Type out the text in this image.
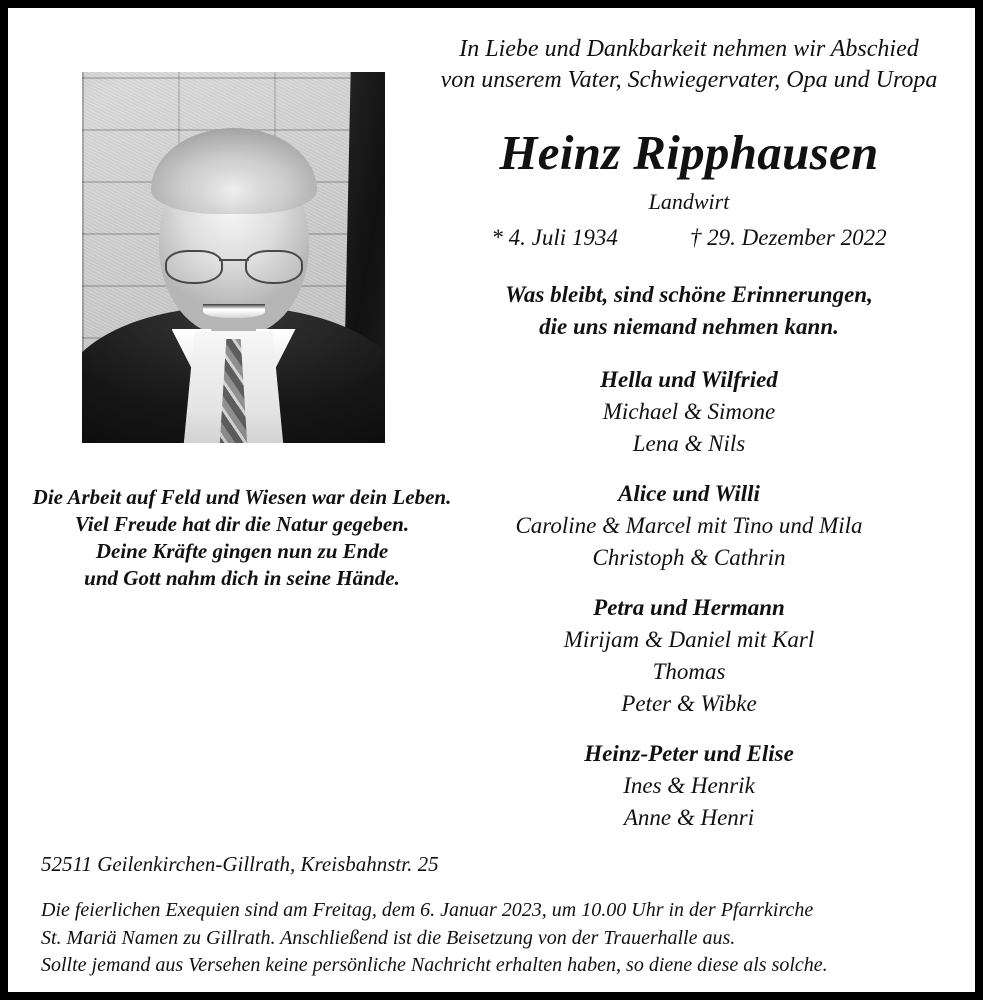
In Liebe und Dankbarkeit nehmen wir Abschied
von unserem Vater, Schwiegervater, Opa und Uropa
Heinz Ripphausen
Landwirt
* 4. Juli 1934	† 29. Dezember 2022
Was bleibt, sind schöne Erinnerungen,
die uns niemand nehmen kann.
Hella und Wilfried
Michael & Simone
Lena & Nils
Alice und Willi
Caroline & Marcel mit Tino und Mila
Christoph & Cathrin
Petra und Hermann
Mirijam & Daniel mit Karl
Thomas
Peter & Wibke
Heinz-Peter und Elise
Ines & Henrik
Anne & Henri
Die Arbeit auf Feld und Wiesen war dein Leben.
Viel Freude hat dir die Natur gegeben.
Deine Kräfte gingen nun zu Ende
und Gott nahm dich in seine Hände.
52511 Geilenkirchen-Gillrath, Kreisbahnstr. 25
Die feierlichen Exequien sind am Freitag, dem 6. Januar 2023, um 10.00 Uhr in der Pfarrkirche
St. Mariä Namen zu Gillrath. Anschließend ist die Beisetzung von der Trauerhalle aus.
Sollte jemand aus Versehen keine persönliche Nachricht erhalten haben, so diene diese als solche.
